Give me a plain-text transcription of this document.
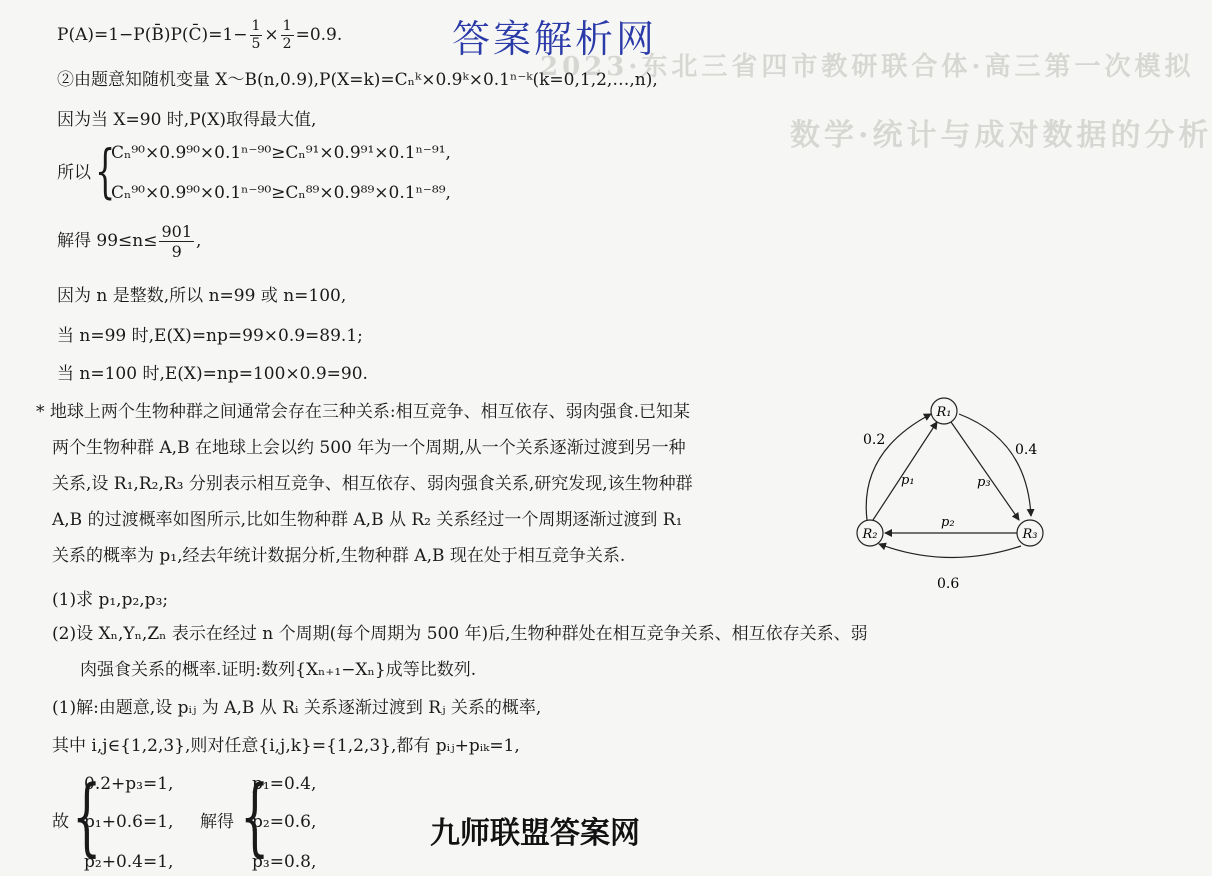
2023·东北三省四市教研联合体·高三第一次模拟
数学·统计与成对数据的分析
答案解析网
P(A)=1−P(B̄)P(C̄)=1− $\frac{1}{5} \times \frac{1}{2} =0.9$.
②由题意知随机变量 X～B(n,0.9),P(X=k)=Cₙᵏ×0.9ᵏ×0.1ⁿ⁻ᵏ(k=0,1,2,…,n),
因为当 X=90 时,P(X)取得最大值,
所以 {
Cₙ⁹⁰×0.9⁹⁰×0.1ⁿ⁻⁹⁰≥Cₙ⁹¹×0.9⁹¹×0.1ⁿ⁻⁹¹,
Cₙ⁹⁰×0.9⁹⁰×0.1ⁿ⁻⁹⁰≥Cₙ⁸⁹×0.9⁸⁹×0.1ⁿ⁻⁸⁹,
解得 $99\le n\le \frac{901}{9}$ ,
因为 n 是整数,所以 n=99 或 n=100,
当 n=99 时,E(X)=np=99×0.9=89.1;
当 n=100 时,E(X)=np=100×0.9=90.
* 地球上两个生物种群之间通常会存在三种关系:相互竞争、相互依存、弱肉强食.已知某
两个生物种群 A,B 在地球上会以约 500 年为一个周期,从一个关系逐渐过渡到另一种
关系,设 R₁,R₂,R₃ 分别表示相互竞争、相互依存、弱肉强食关系,研究发现,该生物种群
A,B 的过渡概率如图所示,比如生物种群 A,B 从 R₂ 关系经过一个周期逐渐过渡到 R₁
关系的概率为 p₁,经去年统计数据分析,生物种群 A,B 现在处于相互竞争关系.
(1)求 p₁,p₂,p₃;
(2)设 Xₙ,Yₙ,Zₙ 表示在经过 n 个周期(每个周期为 500 年)后,生物种群处在相互竞争关系、相互依存关系、弱
肉强食关系的概率.证明:数列{Xₙ₊₁−Xₙ}成等比数列.
(1)解:由题意,设 pᵢⱼ 为 A,B 从 Rᵢ 关系逐渐过渡到 Rⱼ 关系的概率,
其中 i,j∈{1,2,3},则对任意{i,j,k}={1,2,3},都有 pᵢⱼ+pᵢₖ=1,
故 {
0.2+p₃=1,
p₁+0.6=1,
p₂+0.4=1,
解得 {
p₁=0.4,
p₂=0.6,
p₃=0.8,
九师联盟答案网
R₁
R₂	R₃
0.2
0.4
0.6
p₁	p₃
p₂
